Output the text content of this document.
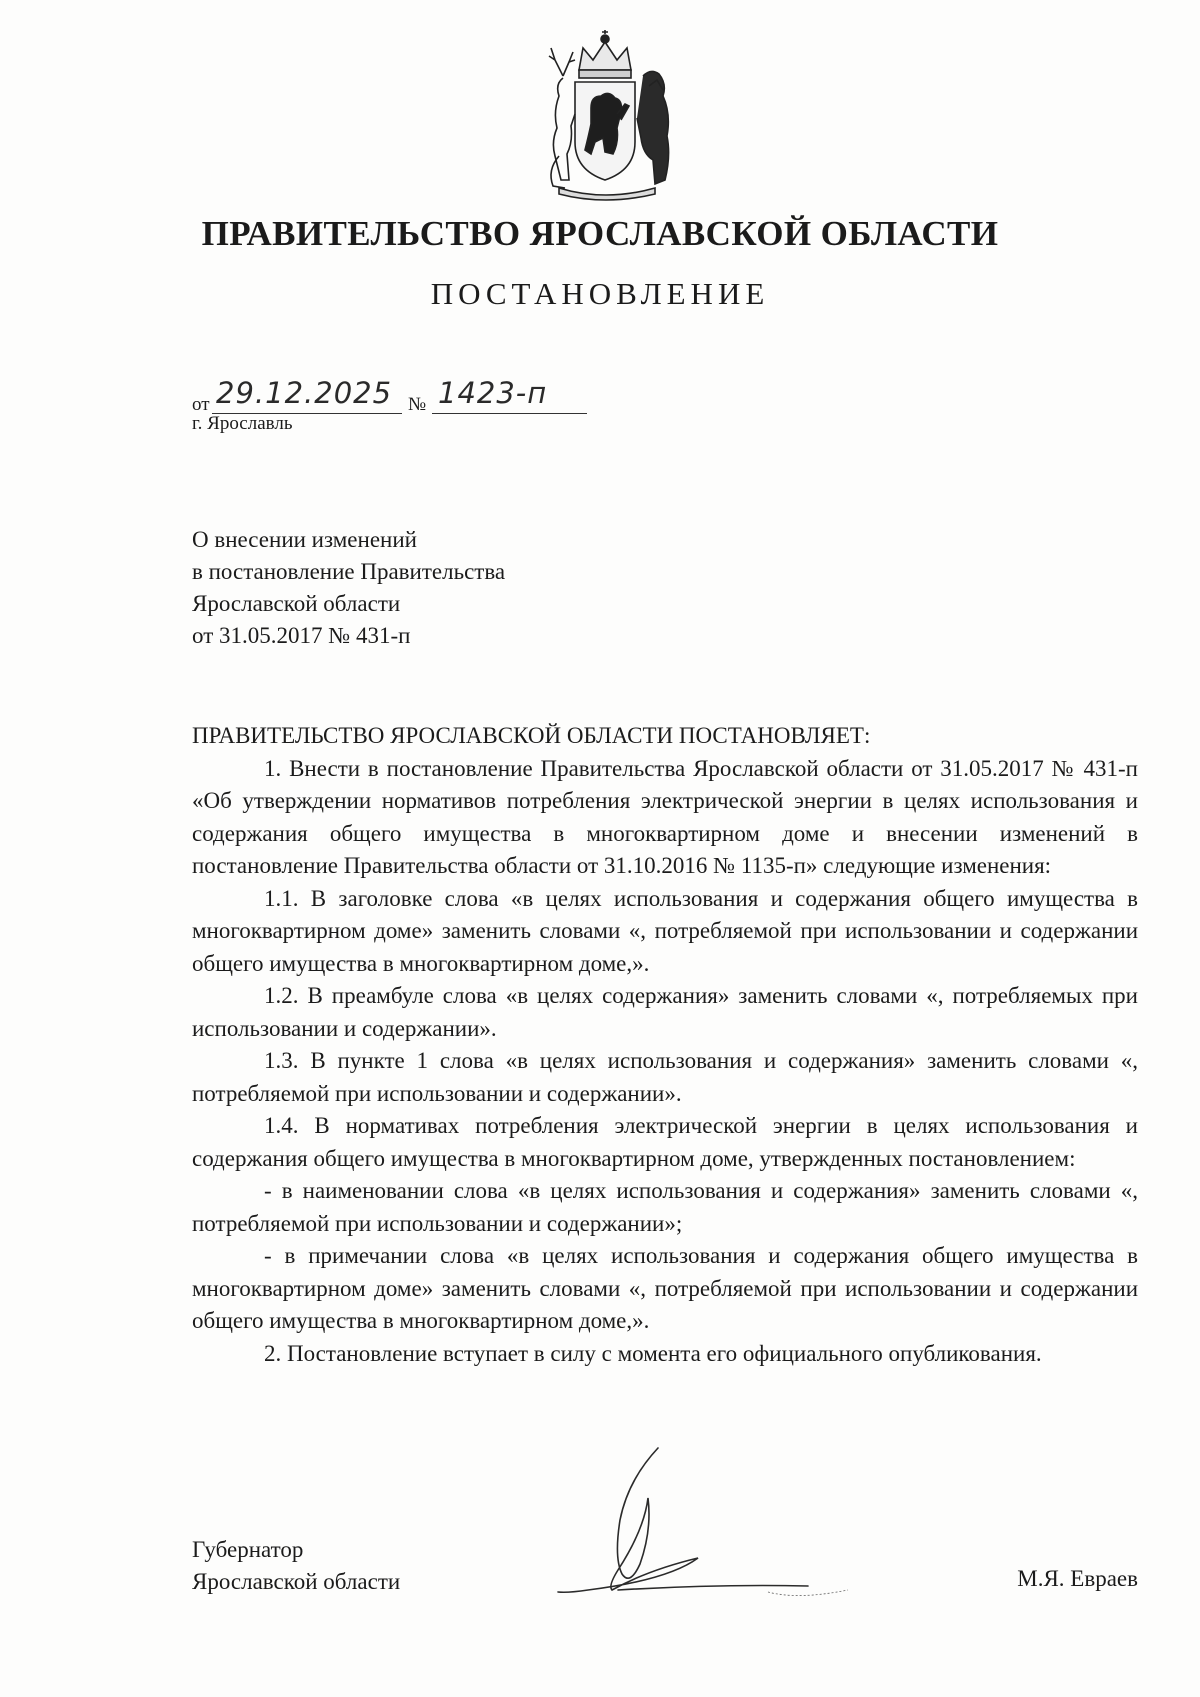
ПРАВИТЕЛЬСТВО ЯРОСЛАВСКОЙ ОБЛАСТИ
ПОСТАНОВЛЕНИЕ
от 29.12.2025 № 1423-п
г. Ярославль
О внесении изменений
в постановление Правительства
Ярославской области
от 31.05.2017 № 431-п
ПРАВИТЕЛЬСТВО ЯРОСЛАВСКОЙ ОБЛАСТИ ПОСТАНОВЛЯЕТ:

1. Внести в постановление Правительства Ярославской области от 31.05.2017 № 431-п «Об утверждении нормативов потребления электрической энергии в целях использования и содержания общего имущества в многоквартирном доме и внесении изменений в постановление Правительства области от 31.10.2016 № 1135-п» следующие изменения:

1.1. В заголовке слова «в целях использования и содержания общего имущества в многоквартирном доме» заменить словами «, потребляемой при использовании и содержании общего имущества в многоквартирном доме,».

1.2. В преамбуле слова «в целях содержания» заменить словами «, потребляемых при использовании и содержании».

1.3. В пункте 1 слова «в целях использования и содержания» заменить словами «, потребляемой при использовании и содержании».

1.4. В нормативах потребления электрической энергии в целях использования и содержания общего имущества в многоквартирном доме, утвержденных постановлением:

- в наименовании слова «в целях использования и содержания» заменить словами «, потребляемой при использовании и содержании»;

- в примечании слова «в целях использования и содержания общего имущества в многоквартирном доме» заменить словами «, потребляемой при использовании и содержании общего имущества в многоквартирном доме,».

2. Постановление вступает в силу с момента его официального опубликования.

Губернатор
Ярославской области	М.Я. Евраев
